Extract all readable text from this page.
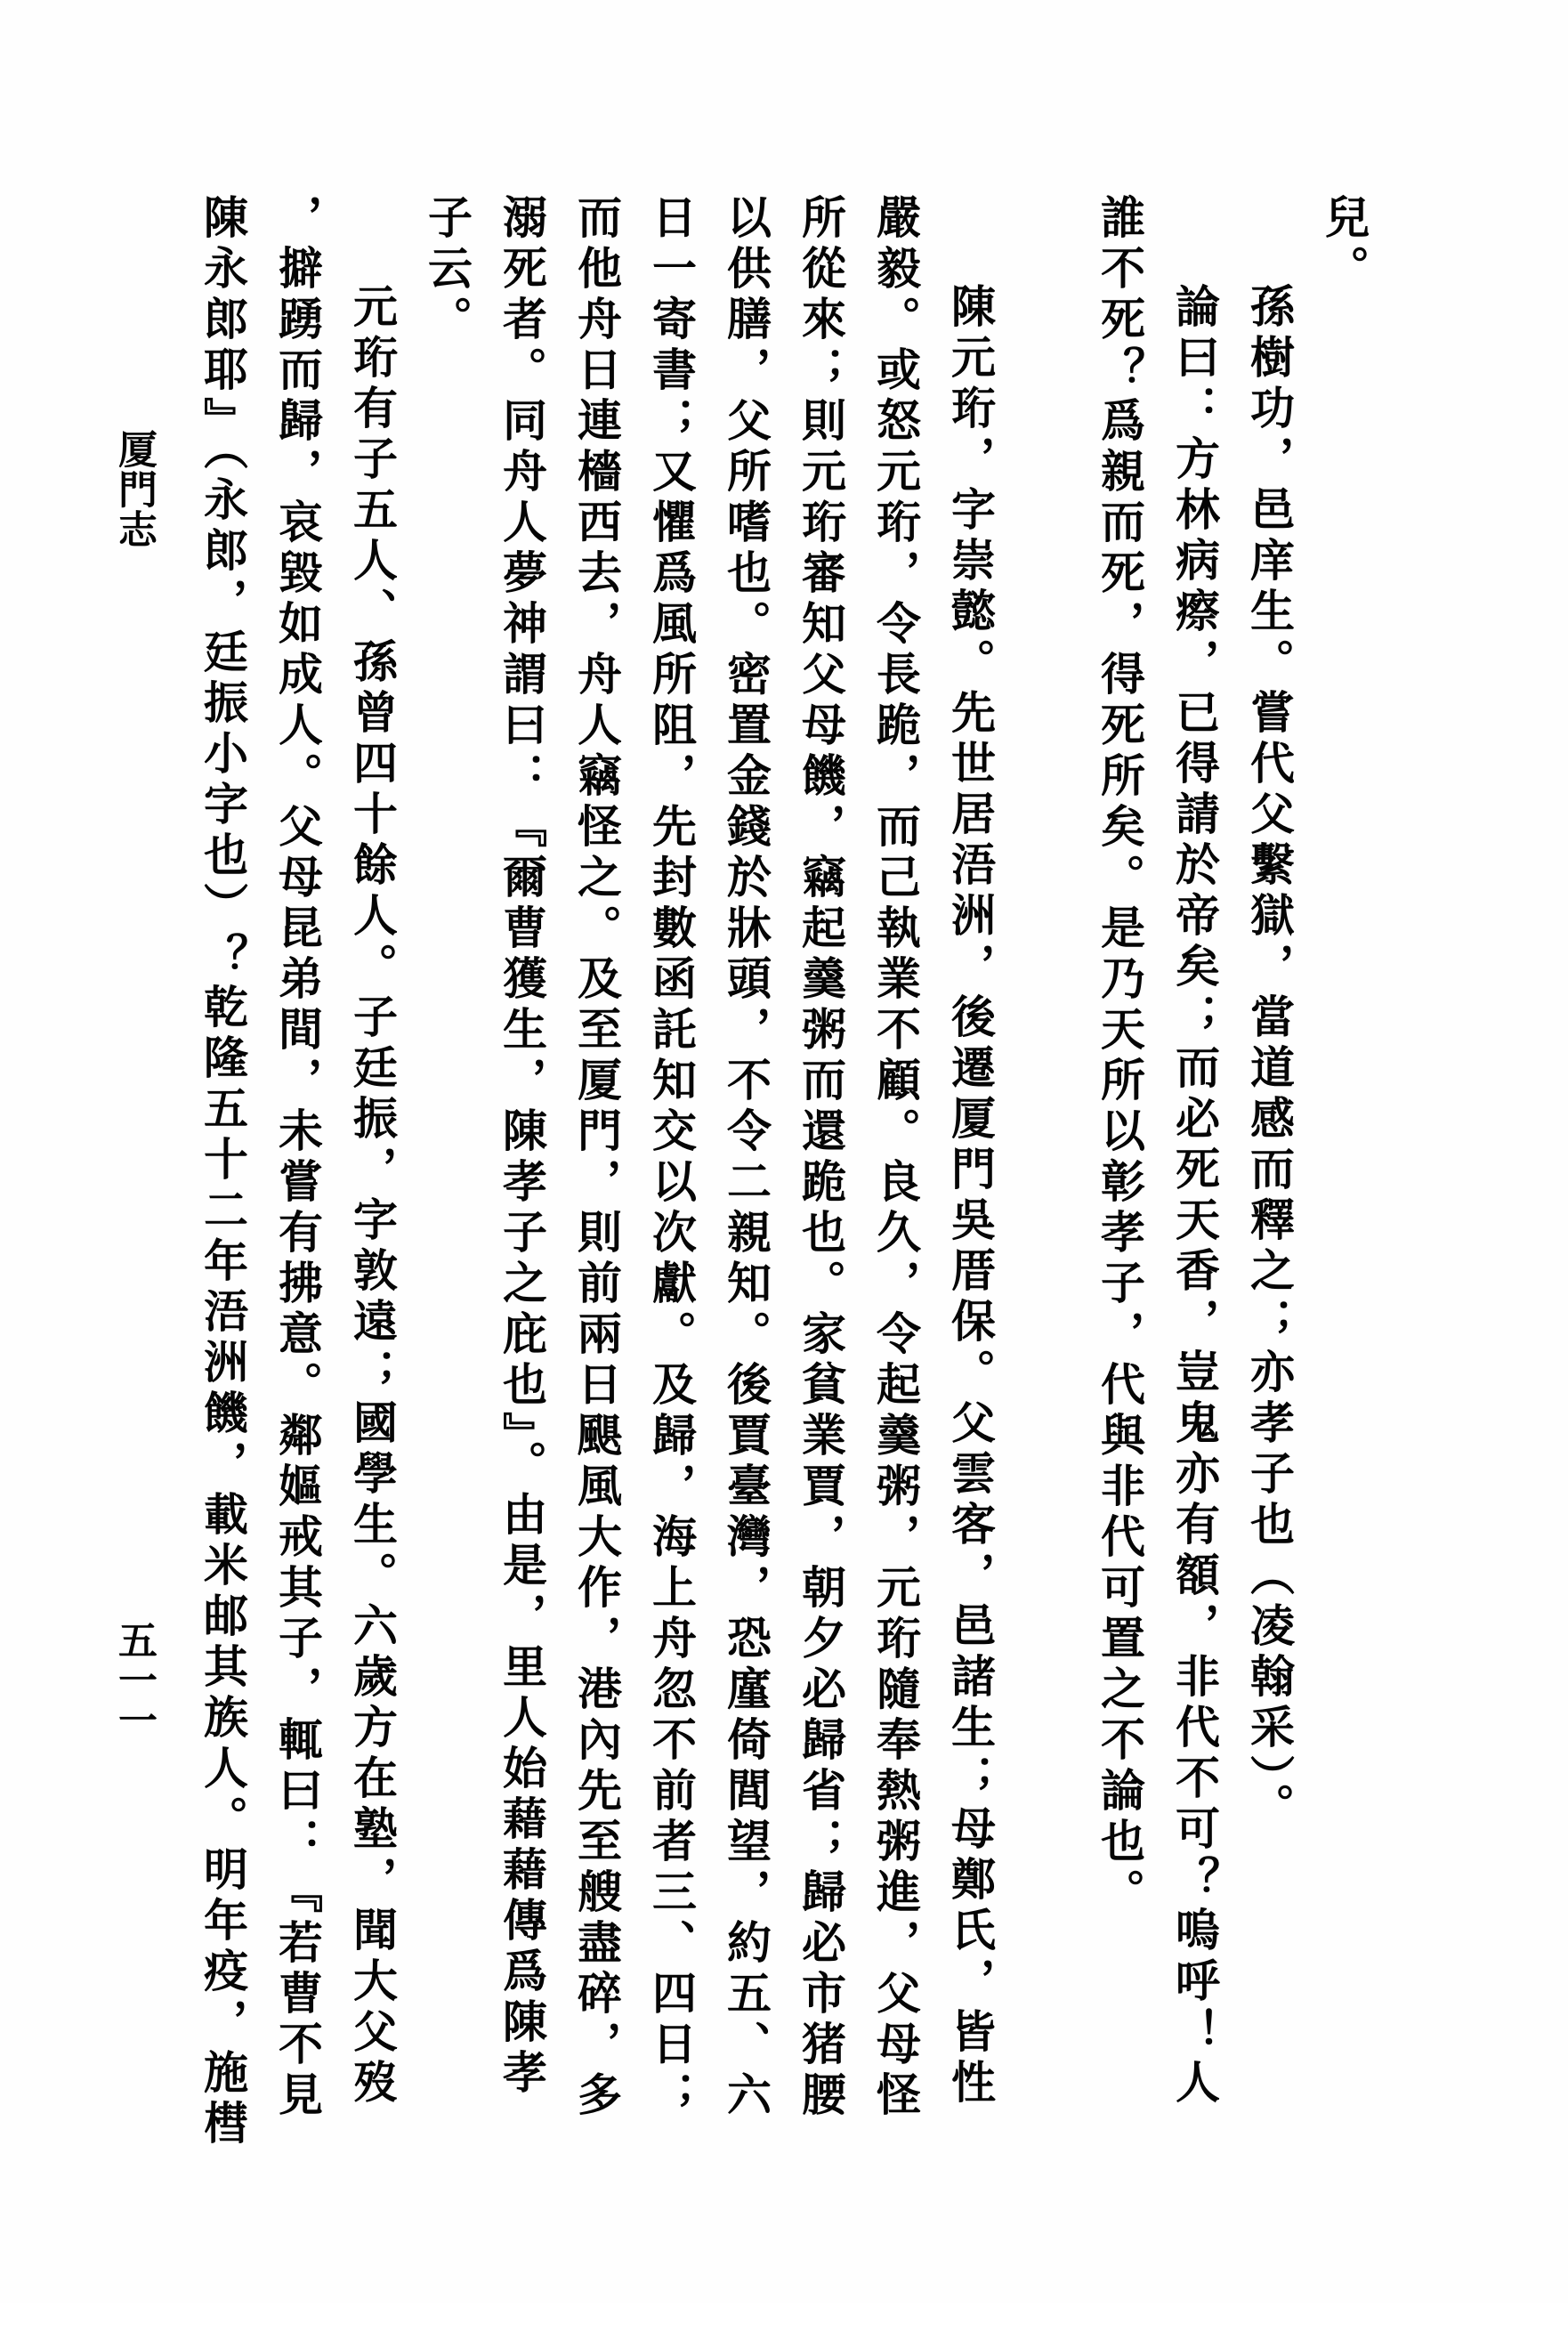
厦門志
五一一
兒。
孫樹功，邑庠生。嘗代父繫獄，當道感而釋之；亦孝子也（凌翰采）。
論曰：方林病瘵，已得請於帝矣；而必死天香，豈鬼亦有額，非代不可？嗚呼！人
誰不死？爲親而死，得死所矣。是乃天所以彰孝子，代與非代可置之不論也。
陳元珩，字崇懿。先世居浯洲，後遷厦門吳厝保。父雲客，邑諸生；母鄭氏，皆性
嚴毅。或怒元珩，令長跪，而己執業不顧。良久，令起羹粥，元珩隨奉熱粥進，父母怪
所從來；則元珩審知父母饑，竊起羹粥而還跪也。家貧業賈，朝夕必歸省；歸必市猪腰
以供膳，父所嗜也。密置金錢於牀頭，不令二親知。後賈臺灣，恐廑倚閭望，約五、六
日一寄書；又懼爲風所阻，先封數函託知交以次獻。及歸，海上舟忽不前者三、四日；
而他舟日連檣西去，舟人竊怪之。及至厦門，則前兩日颶風大作，港內先至艘盡碎，多
溺死者。同舟人夢神謂曰：『爾曹獲生，陳孝子之庇也』。由是，里人始藉藉傳爲陳孝
子云。
元珩有子五人、孫曾四十餘人。子廷振，字敦遠；國學生。六歲方在塾，聞大父歿
，擗踴而歸，哀毀如成人。父母昆弟間，未嘗有拂意。鄰嫗戒其子，輒曰：『若曹不見
陳永郎耶』（永郎，廷振小字也）？乾隆五十二年浯洲饑，載米邮其族人。明年疫，施槥
